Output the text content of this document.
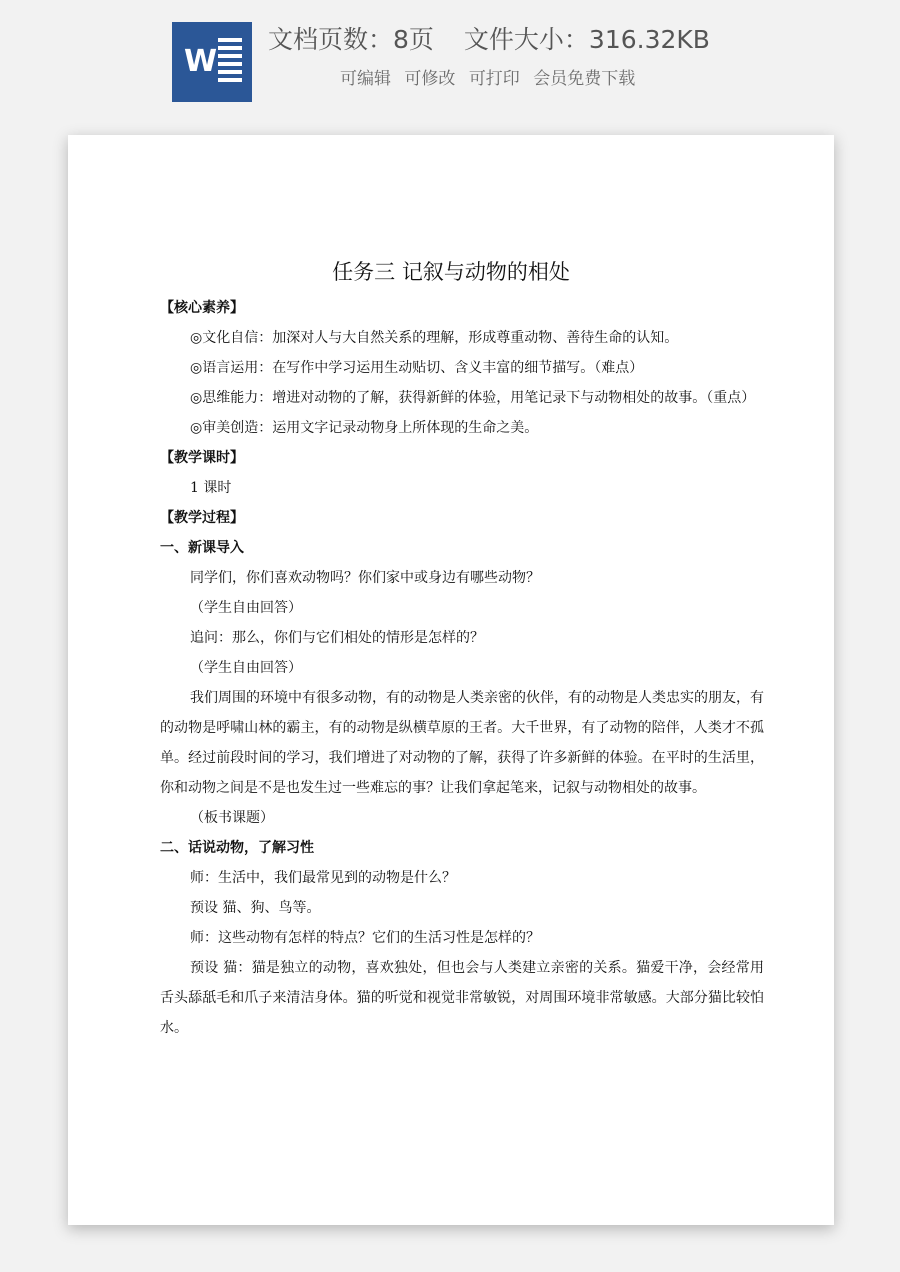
W
文档页数：8页 文件大小：316.32KB
可编辑 可修改 可打印 会员免费下载
任务三 记叙与动物的相处

【核心素养】

◎文化自信：加深对人与大自然关系的理解，形成尊重动物、善待生命的认知。

◎语言运用：在写作中学习运用生动贴切、含义丰富的细节描写。（难点）

◎思维能力：增进对动物的了解，获得新鲜的体验，用笔记录下与动物相处的故事。（重点）

◎审美创造：运用文字记录动物身上所体现的生命之美。

【教学课时】

1 课时

【教学过程】

一、新课导入

同学们，你们喜欢动物吗？你们家中或身边有哪些动物？

（学生自由回答）

追问：那么，你们与它们相处的情形是怎样的？

（学生自由回答）

我们周围的环境中有很多动物，有的动物是人类亲密的伙伴，有的动物是人类忠实的朋友，有的动物是呼啸山林的霸主，有的动物是纵横草原的王者。大千世界，有了动物的陪伴，人类才不孤单。经过前段时间的学习，我们增进了对动物的了解，获得了许多新鲜的体验。在平时的生活里，你和动物之间是不是也发生过一些难忘的事？让我们拿起笔来，记叙与动物相处的故事。

（板书课题）

二、话说动物，了解习性

师：生活中，我们最常见到的动物是什么？

预设 猫、狗、鸟等。

师：这些动物有怎样的特点？它们的生活习性是怎样的？

预设 猫：猫是独立的动物，喜欢独处，但也会与人类建立亲密的关系。猫爱干净，会经常用舌头舔舐毛和爪子来清洁身体。猫的听觉和视觉非常敏锐，对周围环境非常敏感。大部分猫比较怕水。
